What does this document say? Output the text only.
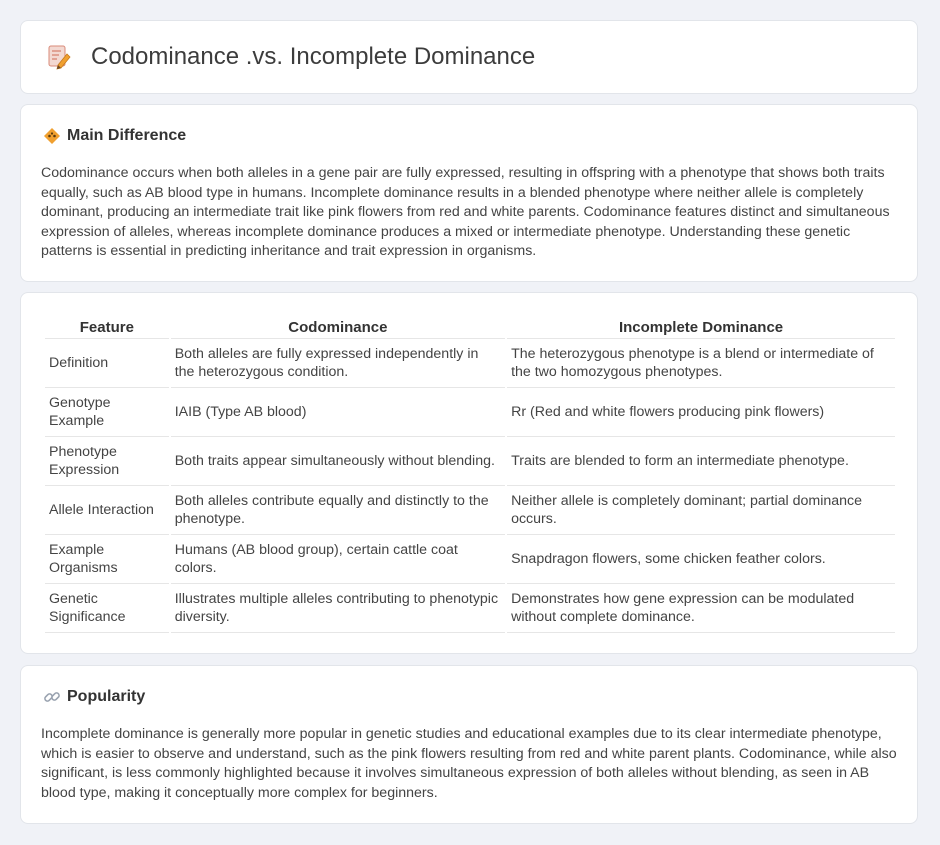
Codominance .vs. Incomplete Dominance
Main Difference

Codominance occurs when both alleles in a gene pair are fully expressed, resulting in offspring with a phenotype that shows both traits equally, such as AB blood type in humans. Incomplete dominance results in a blended phenotype where neither allele is completely dominant, producing an intermediate trait like pink flowers from red and white parents. Codominance features distinct and simultaneous expression of alleles, whereas incomplete dominance produces a mixed or intermediate phenotype. Understanding these genetic patterns is essential in predicting inheritance and trait expression in organisms.

Feature	Codominance	Incomplete Dominance
Definition	Both alleles are fully expressed independently in the heterozygous condition.	The heterozygous phenotype is a blend or intermediate of the two homozygous phenotypes.
Genotype Example	IAIB (Type AB blood)	Rr (Red and white flowers producing pink flowers)
Phenotype Expression	Both traits appear simultaneously without blending.	Traits are blended to form an intermediate phenotype.
Allele Interaction	Both alleles contribute equally and distinctly to the phenotype.	Neither allele is completely dominant; partial dominance occurs.
Example Organisms	Humans (AB blood group), certain cattle coat colors.	Snapdragon flowers, some chicken feather colors.
Genetic Significance	Illustrates multiple alleles contributing to phenotypic diversity.	Demonstrates how gene expression can be modulated without complete dominance.
Popularity

Incomplete dominance is generally more popular in genetic studies and educational examples due to its clear intermediate phenotype, which is easier to observe and understand, such as the pink flowers resulting from red and white parent plants. Codominance, while also significant, is less commonly highlighted because it involves simultaneous expression of both alleles without blending, as seen in AB blood type, making it conceptually more complex for beginners.
